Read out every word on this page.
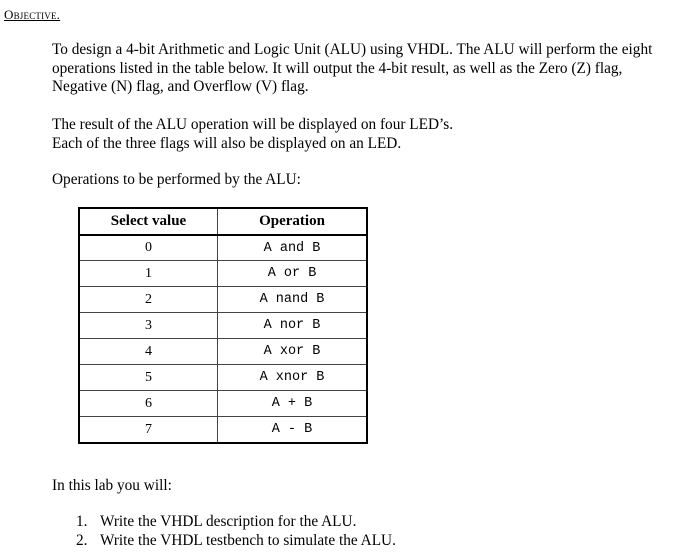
Objective.

To design a 4-bit Arithmetic and Logic Unit (ALU) using VHDL. The ALU will perform the eight operations listed in the table below. It will output the 4-bit result, as well as the Zero (Z) flag, Negative (N) flag, and Overflow (V) flag.

The result of the ALU operation will be displayed on four LED’s.
Each of the three flags will also be displayed on an LED.

Operations to be performed by the ALU:

Select value	Operation
0	A and B
1	A or B
2	A nand B
3	A nor B
4	A xor B
5	A xnor B
6	A + B
7	A - B

In this lab you will:

1. Write the VHDL description for the ALU.
2. Write the VHDL testbench to simulate the ALU.
